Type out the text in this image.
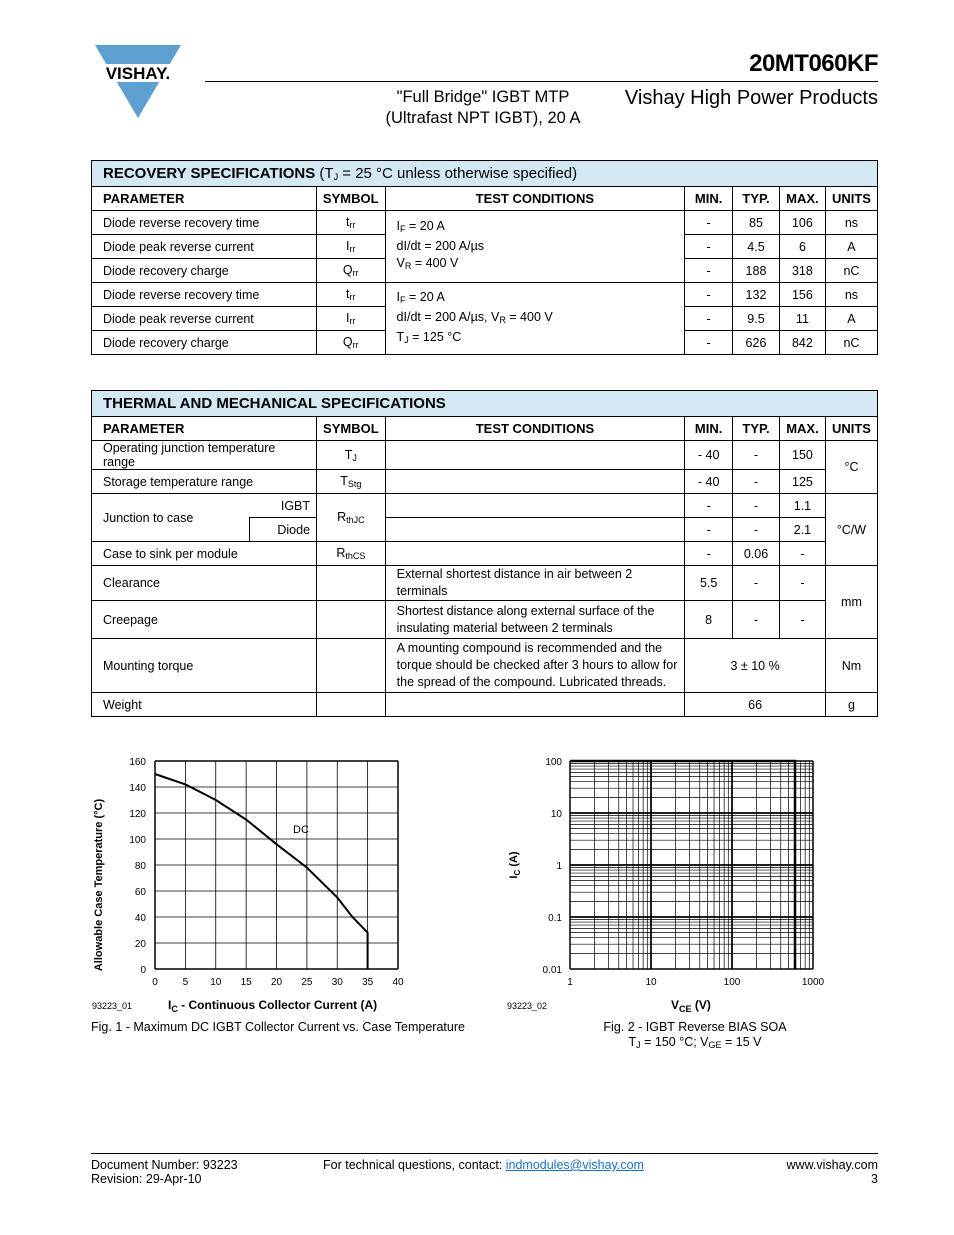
VISHAY.	20MT060KF
"Full Bridge" IGBT MTP
(Ultrafast NPT IGBT), 20 A
Vishay High Power Products
RECOVERY SPECIFICATIONS ($T_J = 25$ °C unless otherwise specified)						
PARAMETER	SYMBOL	TEST CONDITIONS	MIN.	TYP.	MAX.	UNITS
Diode reverse recovery time	$t_{rr}$	$I_F = 20$ A
dI/dt = 200 A/µs
$V_R = 400$ V	-	85	106	ns
Diode peak reverse current	$I_{rr}$		-	4.5	6	A
Diode recovery charge	$Q_{rr}$		-	188	318	nC
Diode reverse recovery time	$t_{rr}$	$I_F = 20$ A
dI/dt = 200 A/µs, $V_R = 400$ V
$T_J = 125$ °C	-	132	156	ns
Diode peak reverse current	$I_{rr}$		-	9.5	11	A
Diode recovery charge	$Q_{rr}$		-	626	842	nC
THERMAL AND MECHANICAL SPECIFICATIONS							
PARAMETER		SYMBOL	TEST CONDITIONS	MIN.	TYP.	MAX.	UNITS
Operating junction temperature range		$T_J$		- 40	-	150	°C
Storage temperature range		$T_{Stg}$		- 40	-	125	
Junction to case	IGBT	$R_{thJC}$		-	-	1.1	°C/W
	Diode			-	-	2.1	
Case to sink per module		$R_{thCS}$		-	0.06	-	
Clearance			External shortest distance in air between 2 terminals	5.5	-	-	mm
Creepage			Shortest distance along external surface of the insulating material between 2 terminals	8	-	-	
Mounting torque			A mounting compound is recommended and the torque should be checked after 3 hours to allow for the spread of the compound. Lubricated threads.	3 ± 10 %			Nm
Weight				66			g
160
140
120
100
80
60
40
20
0
0 5 10 15 20 25 30 35 40
DC
Allowable Case Temperature (°C)
93223_01	$I_C$ - Continuous Collector Current (A)
Fig. 1 - Maximum DC IGBT Collector Current vs. Case Temperature
100
10
1
0.1
0.01
1	10	100	1000
$I_C$ (A)
93223_02	$V_{CE}$ (V)
Fig. 2 - IGBT Reverse BIAS SOA
$T_J = 150$ °C; $V_{GE} = 15$ V
Document Number: 93223
Revision: 29-Apr-10
For technical questions, contact: indmodules@vishay.com	www.vishay.com
3
